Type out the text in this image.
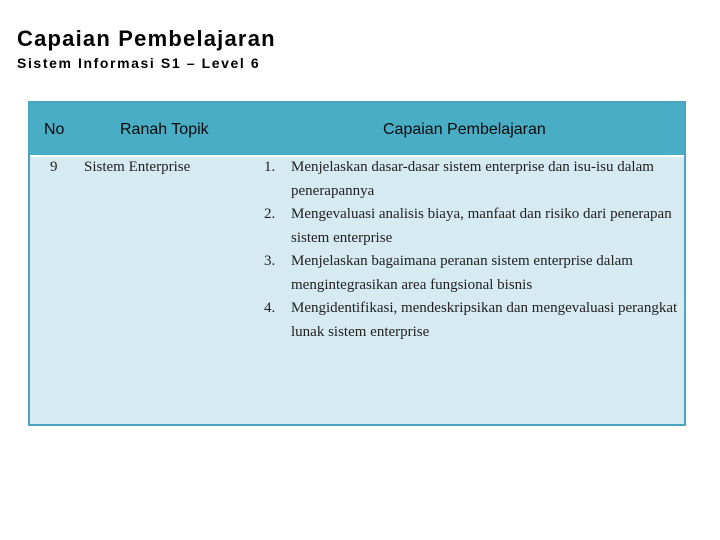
Capaian Pembelajaran
Sistem Informasi S1 – Level 6
No	Ranah Topik	Capaian Pembelajaran
9 Sistem Enterprise	1. Menjelaskan dasar-dasar sistem enterprise dan isu-isu dalam penerapannya
2. Mengevaluasi analisis biaya, manfaat dan risiko dari penerapan sistem enterprise
3. Menjelaskan bagaimana peranan sistem enterprise dalam mengintegrasikan area fungsional bisnis
4. Mengidentifikasi, mendeskripsikan dan mengevaluasi perangkat lunak sistem enterprise
